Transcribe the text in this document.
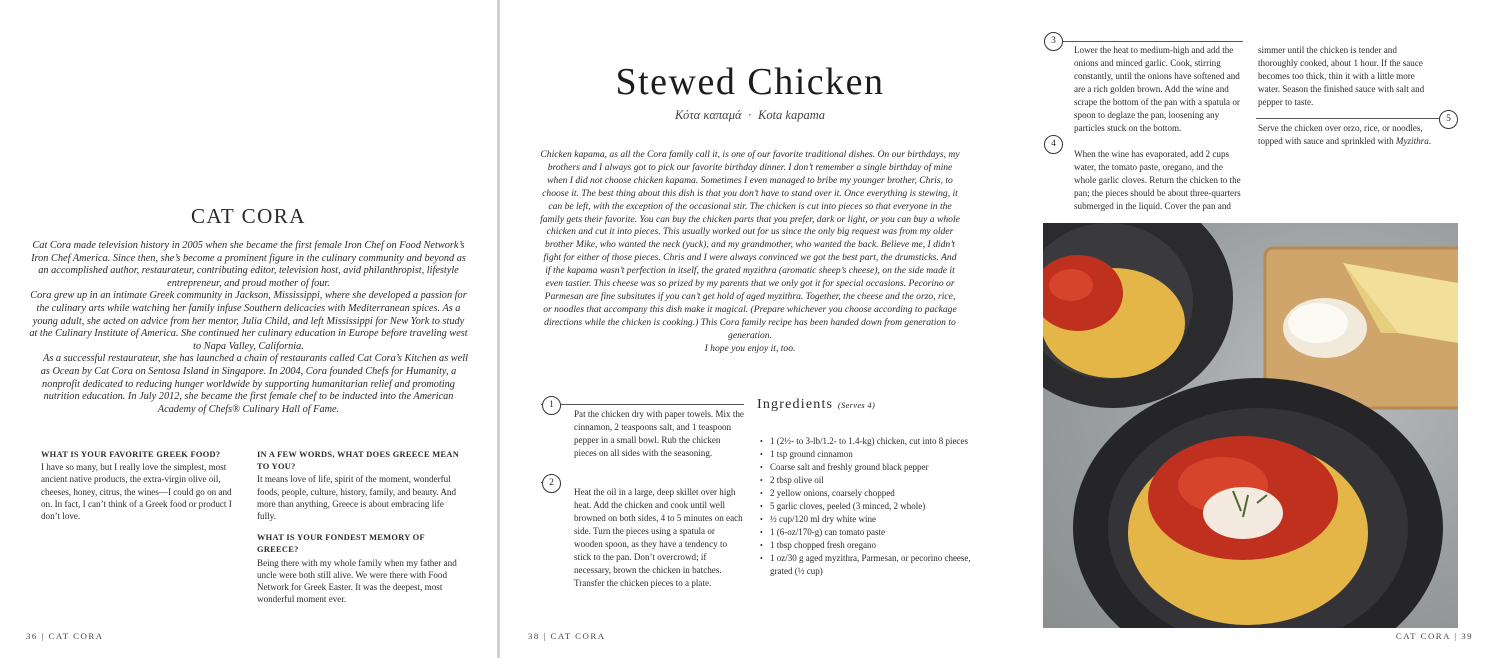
CAT CORA

Cat Cora made television history in 2005 when she became the first female Iron Chef on Food Network’s Iron Chef America. Since then, she’s become a prominent figure in the culinary community and beyond as an accomplished author, restaurateur, contributing editor, television host, avid philanthropist, lifestyle entrepreneur, and proud mother of four.

Cora grew up in an intimate Greek community in Jackson, Mississippi, where she developed a passion for the culinary arts while watching her family infuse Southern delicacies with Mediterranean spices. As a young adult, she acted on advice from her mentor, Julia Child, and left Mississippi for New York to study at the Culinary Institute of America. She continued her culinary education in Europe before traveling west to Napa Valley, California.

As a successful restaurateur, she has launched a chain of restaurants called Cat Cora’s Kitchen as well as Ocean by Cat Cora on Sentosa Island in Singapore. In 2004, Cora founded Chefs for Humanity, a nonprofit dedicated to reducing hunger worldwide by supporting humanitarian relief and promoting nutrition education. In July 2012, she became the first female chef to be inducted into the American Academy of Chefs® Culinary Hall of Fame.

WHAT IS YOUR FAVORITE GREEK FOOD?

I have so many, but I really love the simplest, most ancient native products, the extra-virgin olive oil, cheeses, honey, citrus, the wines—I could go on and on. In fact, I can’t think of a Greek food or product I don’t love.

IN A FEW WORDS, WHAT DOES GREECE MEAN TO YOU?

It means love of life, spirit of the moment, wonderful foods, people, culture, history, family, and beauty. And more than anything, Greece is about embracing life fully.

WHAT IS YOUR FONDEST MEMORY OF GREECE?

Being there with my whole family when my father and uncle were both still alive. We were there with Food Network for Greek Easter. It was the deepest, most wonderful moment ever.

36 | CAT CORA
Stewed Chicken
Κότα καπαμά · Kota kapama

Chicken kapama, as all the Cora family call it, is one of our favorite traditional dishes. On our birthdays, my brothers and I always got to pick our favorite birthday dinner. I don’t remember a single birthday of mine when I did not choose chicken kapama. Sometimes I even managed to bribe my younger brother, Chris, to choose it. The best thing about this dish is that you don’t have to stand over it. Once everything is stewing, it can be left, with the exception of the occasional stir. The chicken is cut into pieces so that everyone in the family gets their favorite. You can buy the chicken parts that you prefer, dark or light, or you can buy a whole chicken and cut it into pieces. This usually worked out for us since the only big request was from my older brother Mike, who wanted the neck (yuck), and my grandmother, who wanted the back. Believe me, I didn’t fight for either of those pieces. Chris and I were always convinced we got the best part, the drumsticks. And if the kapama wasn’t perfection in itself, the grated myzithra (aromatic sheep’s cheese), on the side made it even tastier. This cheese was so prized by my parents that we only got it for special occasions. Pecorino or Parmesan are fine subsitutes if you can’t get hold of aged myzithra. Together, the cheese and the orzo, rice, or noodles that accompany this dish make it magical. (Prepare whichever you choose according to package directions while the chicken is cooking.) This Cora family recipe has been handed down from generation to generation.

I hope you enjoy it, too.

1
Pat the chicken dry with paper towels. Mix the cinnamon, 2 teaspoons salt, and 1 teaspoon pepper in a small bowl. Rub the chicken pieces on all sides with the seasoning.
2
Heat the oil in a large, deep skillet over high heat. Add the chicken and cook until well browned on both sides, 4 to 5 minutes on each side. Turn the pieces using a spatula or wooden spoon, as they have a tendency to stick to the pan. Don’t overcrowd; if necessary, brown the chicken in batches. Transfer the chicken pieces to a plate.
Ingredients (Serves 4)
• 1 (2½- to 3-lb/1.2- to 1.4-kg) chicken, cut into 8 pieces
• 1 tsp ground cinnamon
• Coarse salt and freshly ground black pepper
• 2 tbsp olive oil
• 2 yellow onions, coarsely chopped
• 5 garlic cloves, peeled (3 minced, 2 whole)
• ½ cup/120 ml dry white wine
• 1 (6-oz/170-g) can tomato paste
• 1 tbsp chopped fresh oregano
• 1 oz/30 g aged myzithra, Parmesan, or pecorino cheese, grated (½ cup)
3
Lower the heat to medium-high and add the onions and minced garlic. Cook, stirring constantly, until the onions have softened and are a rich golden brown. Add the wine and scrape the bottom of the pan with a spatula or spoon to deglaze the pan, loosening any particles stuck on the bottom.
4
When the wine has evaporated, add 2 cups water, the tomato paste, oregano, and the whole garlic cloves. Return the chicken to the pan; the pieces should be about three-quarters submerged in the liquid. Cover the pan and
simmer until the chicken is tender and thoroughly cooked, about 1 hour. If the sauce becomes too thick, thin it with a little more water. Season the finished sauce with salt and pepper to taste.
5
Serve the chicken over orzo, rice, or noodles, topped with sauce and sprinkled with Myzithra.
38 | CAT CORA	CAT CORA | 39
